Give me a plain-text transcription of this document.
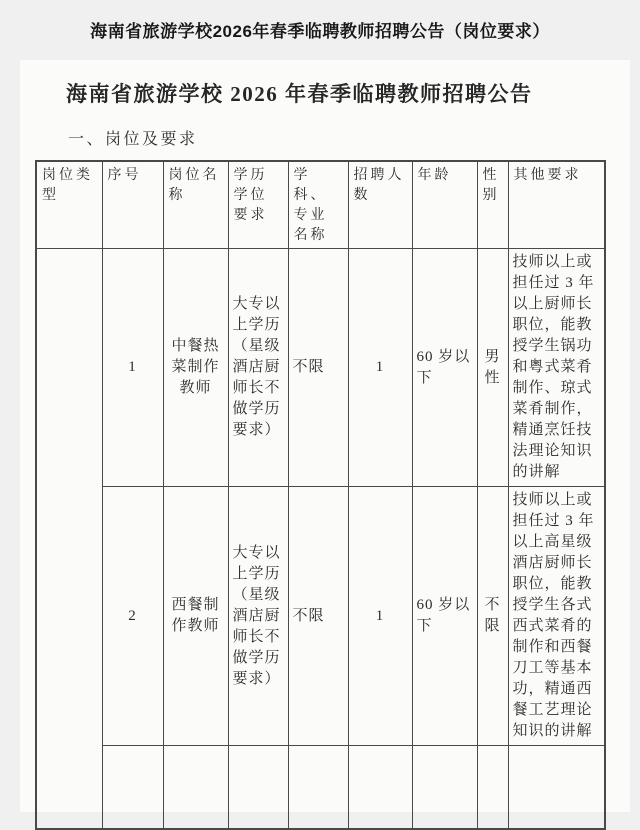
海南省旅游学校2026年春季临聘教师招聘公告（岗位要求）
海南省旅游学校 2026 年春季临聘教师招聘公告
一、岗位及要求
岗位类型	序号	岗位名称	学历学位要求	学科、专业名称	招聘人数	年龄	性别	其他要求
	1	中餐热菜制作教师	大专以上学历（星级酒店厨师长不做学历要求）	不限	1	60 岁以下	男性	技师以上或担任过 3 年以上厨师长职位，能教授学生锅功和粤式菜肴制作、琼式菜肴制作，精通烹饪技法理论知识的讲解
	2	西餐制作教师	大专以上学历（星级酒店厨师长不做学历要求）	不限	1	60 岁以下	不限	技师以上或担任过 3 年以上高星级酒店厨师长职位，能教授学生各式西式菜肴的制作和西餐刀工等基本功，精通西餐工艺理论知识的讲解
